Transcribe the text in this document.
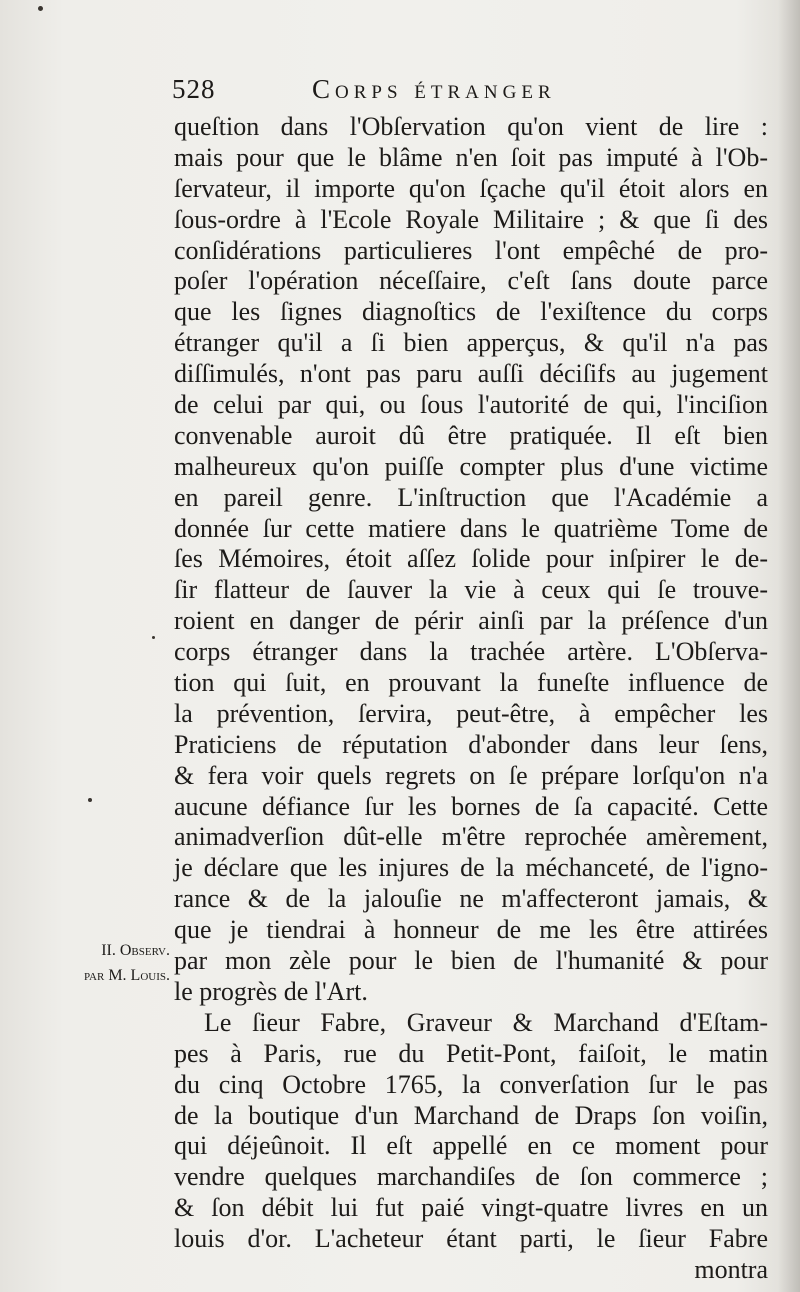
528	Corps étranger
II. Observ.
par M. Louis.
queſtion dans l'Obſervation qu'on vient de lire :
mais pour que le blâme n'en ſoit pas imputé à l'Ob-
ſervateur, il importe qu'on ſçache qu'il étoit alors en
ſous-ordre à l'Ecole Royale Militaire ; & que ſi des
conſidérations particulieres l'ont empêché de pro-
poſer l'opération néceſſaire, c'eſt ſans doute parce
que les ſignes diagnoſtics de l'exiſtence du corps
étranger qu'il a ſi bien apperçus, & qu'il n'a pas
diſſimulés, n'ont pas paru auſſi déciſifs au jugement
de celui par qui, ou ſous l'autorité de qui, l'inciſion
convenable auroit dû être pratiquée. Il eſt bien
malheureux qu'on puiſſe compter plus d'une victime
en pareil genre. L'inſtruction que l'Académie a
donnée ſur cette matiere dans le quatrième Tome de
ſes Mémoires, étoit aſſez ſolide pour inſpirer le de-
ſir flatteur de ſauver la vie à ceux qui ſe trouve-
roient en danger de périr ainſi par la préſence d'un
corps étranger dans la trachée artère. L'Obſerva-
tion qui ſuit, en prouvant la funeſte influence de
la prévention, ſervira, peut-être, à empêcher les
Praticiens de réputation d'abonder dans leur ſens,
& fera voir quels regrets on ſe prépare lorſqu'on n'a
aucune défiance ſur les bornes de ſa capacité. Cette
animadverſion dût-elle m'être reprochée amèrement,
je déclare que les injures de la méchanceté, de l'igno-
rance & de la jalouſie ne m'affecteront jamais, &
que je tiendrai à honneur de me les être attirées
par mon zèle pour le bien de l'humanité & pour
le progrès de l'Art.
Le ſieur Fabre, Graveur & Marchand d'Eſtam-
pes à Paris, rue du Petit-Pont, faiſoit, le matin
du cinq Octobre 1765, la converſation ſur le pas
de la boutique d'un Marchand de Draps ſon voiſin,
qui déjeûnoit. Il eſt appellé en ce moment pour
vendre quelques marchandiſes de ſon commerce ;
& ſon débit lui fut paié vingt-quatre livres en un
louis d'or. L'acheteur étant parti, le ſieur Fabre
montra
